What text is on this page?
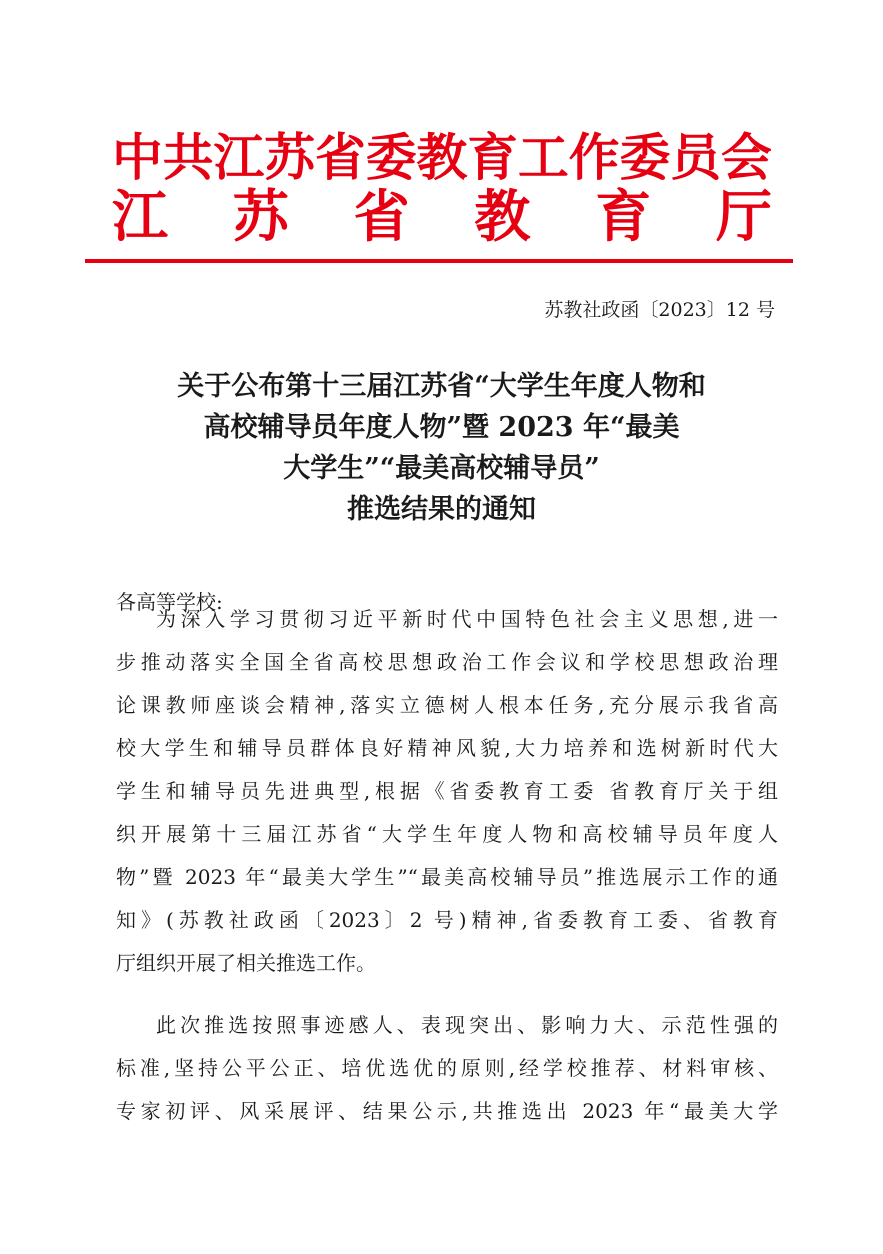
中共江苏省委教育工作委员会
江 苏 省 教 育 厅
苏教社政函〔2023〕12 号
关于公布第十三届江苏省“大学生年度人物和
高校辅导员年度人物”暨 2023 年“最美
大学生”“最美高校辅导员”
推选结果的通知
各高等学校:
为深入学习贯彻习近平新时代中国特色社会主义思想,进一
步推动落实全国全省高校思想政治工作会议和学校思想政治理
论课教师座谈会精神,落实立德树人根本任务,充分展示我省高
校大学生和辅导员群体良好精神风貌,大力培养和选树新时代大
学生和辅导员先进典型,根据《省委教育工委 省教育厅关于组
织开展第十三届江苏省“大学生年度人物和高校辅导员年度人
物”暨 2023 年“最美大学生”“最美高校辅导员”推选展示工作的通
知》(苏教社政函〔2023〕2 号)精神,省委教育工委、省教育
厅组织开展了相关推选工作。
此次推选按照事迹感人、表现突出、影响力大、示范性强的
标准,坚持公平公正、培优选优的原则,经学校推荐、材料审核、
专家初评、风采展评、结果公示,共推选出 2023 年“最美大学
